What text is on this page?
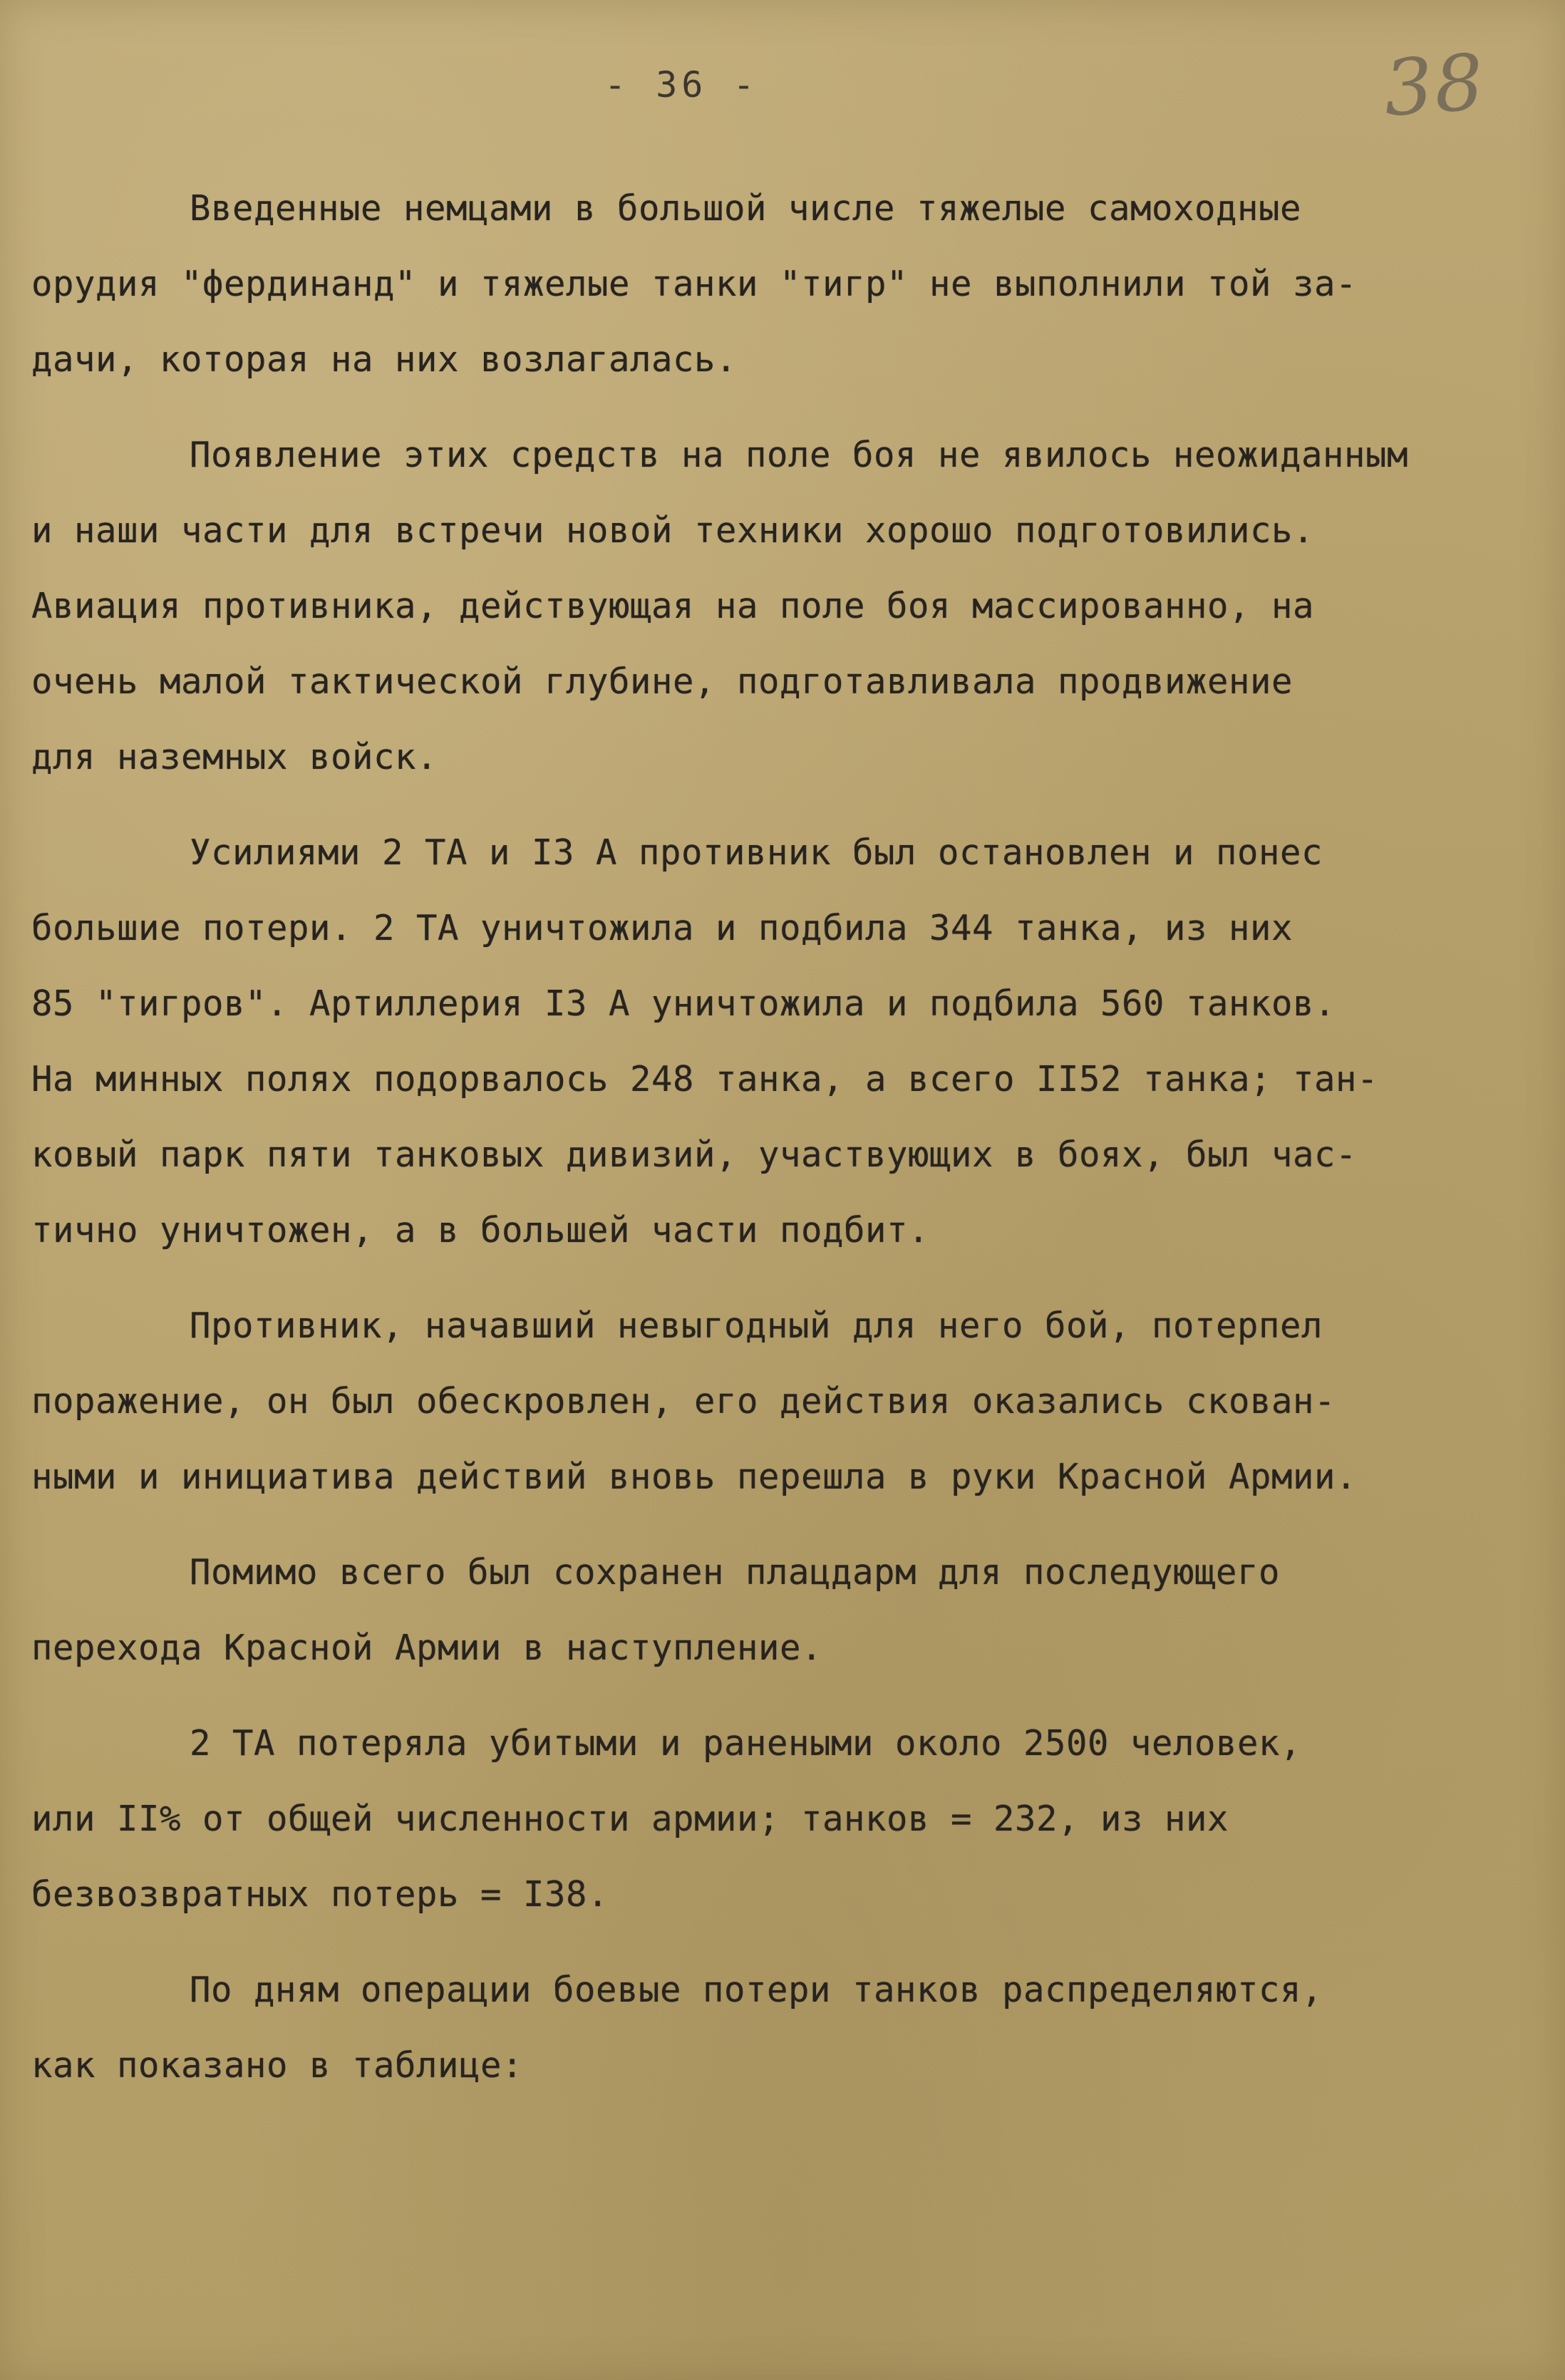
- 36 -	38
Введенные немцами в большой числе тяжелые самоходные
орудия "фердинанд" и тяжелые танки "тигр" не выполнили той за-
дачи, которая на них возлагалась.
Появление этих средств на поле боя не явилось неожиданным
и наши части для встречи новой техники хорошо подготовились.
Авиация противника, действующая на поле боя массированно, на
очень малой тактической глубине, подготавливала продвижение
для наземных войск.
Усилиями 2 ТА и I3 А противник был остановлен и понес
большие потери. 2 ТА уничтожила и подбила 344 танка, из них
85 "тигров". Артиллерия I3 А уничтожила и подбила 560 танков.
На минных полях подорвалось 248 танка, а всего II52 танка; тан-
ковый парк пяти танковых дивизий, участвующих в боях, был час-
тично уничтожен, а в большей части подбит.
Противник, начавший невыгодный для него бой, потерпел
поражение, он был обескровлен, его действия оказались скован-
ными и инициатива действий вновь перешла в руки Красной Армии.
Помимо всего был сохранен плацдарм для последующего
перехода Красной Армии в наступление.
2 ТА потеряла убитыми и ранеными около 2500 человек,
или II% от общей численности армии; танков = 232, из них
безвозвратных потерь = I38.
По дням операции боевые потери танков распределяются,
как показано в таблице:
